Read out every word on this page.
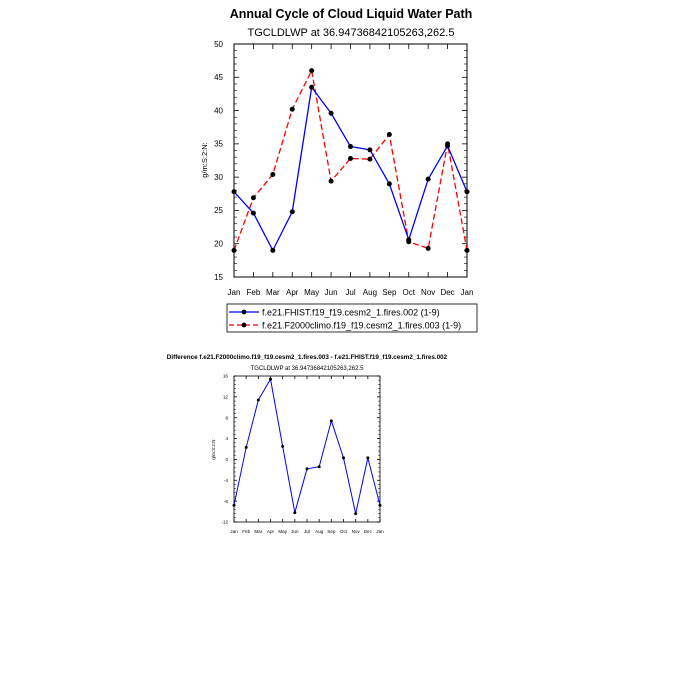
Annual Cycle of Cloud Liquid Water Path
TGCLDLWP at 36.94736842105263,262.5
g/m:S:2:N:
Jan Feb Mar Apr May Jun Jul Aug Sep Oct Nov Dec Jan
15
20
25
30
35
40
45
50
f.e21.FHIST.f19_f19.cesm2_1.fires.002 (1-9)
f.e21.F2000climo.f19_f19.cesm2_1.fires.003 (1-9)
Difference f.e21.F2000climo.f19_f19.cesm2_1.fires.003 - f.e21.FHIST.f19_f19.cesm2_1.fires.002
TGCLDLWP at 36.94736842105263,262.5
g/m:S:2:N:
Jan Feb Mar Apr May Jun Jul Aug Sep Oct Nov Dec Jan
-12
-8
-4
0
4
8
12
16
